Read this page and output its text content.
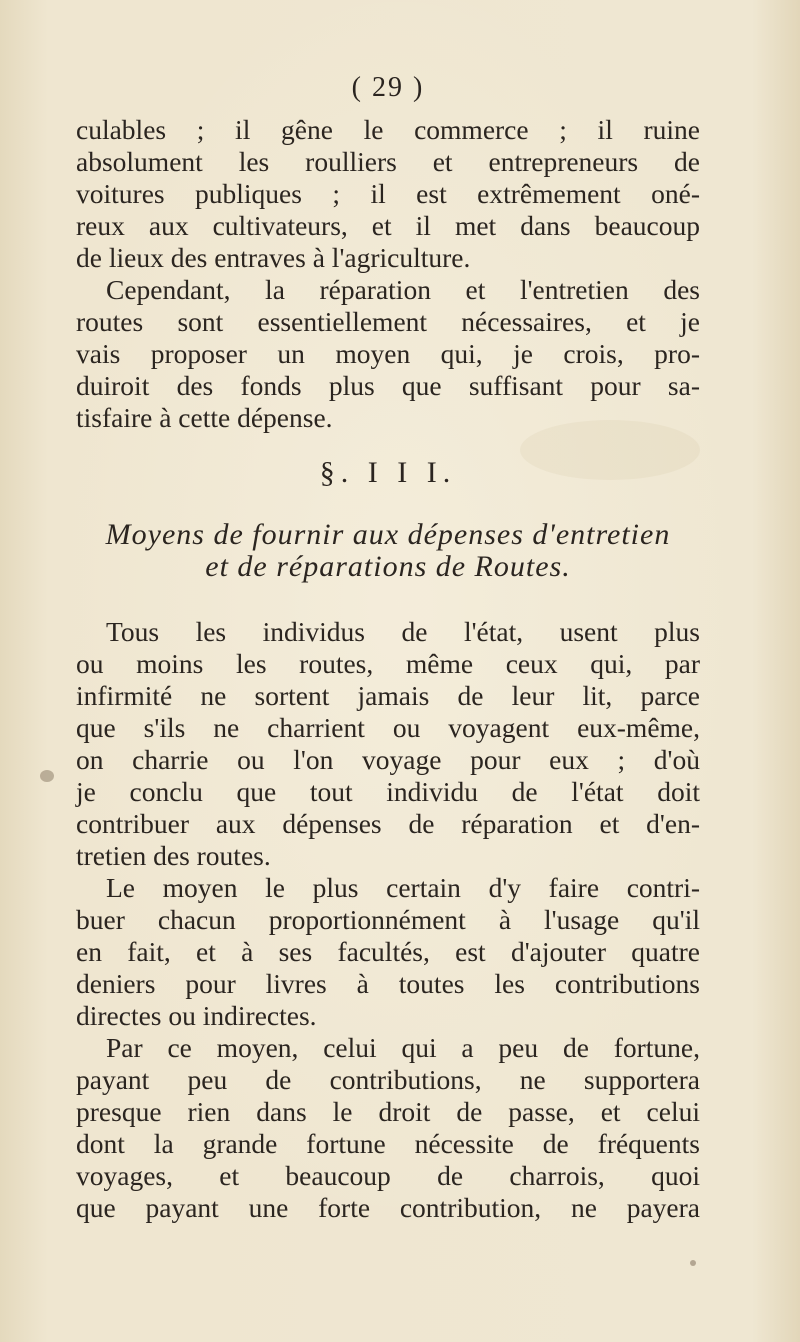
( 29 )

culables ; il gêne le commerce ; il ruine

absolument les roulliers et entrepreneurs de

voitures publiques ; il est extrêmement oné-

reux aux cultivateurs, et il met dans beaucoup

de lieux des entraves à l'agriculture.

Cependant, la réparation et l'entretien des

routes sont essentiellement nécessaires, et je

vais proposer un moyen qui, je crois, pro-

duiroit des fonds plus que suffisant pour sa-

tisfaire à cette dépense.

§. I I I.

Moyens de fournir aux dépenses d'entretien

et de réparations de Routes.

Tous les individus de l'état, usent plus

ou moins les routes, même ceux qui, par

infirmité ne sortent jamais de leur lit, parce

que s'ils ne charrient ou voyagent eux-même,

on charrie ou l'on voyage pour eux ; d'où

je conclu que tout individu de l'état doit

contribuer aux dépenses de réparation et d'en-

tretien des routes.

Le moyen le plus certain d'y faire contri-

buer chacun proportionnément à l'usage qu'il

en fait, et à ses facultés, est d'ajouter quatre

deniers pour livres à toutes les contributions

directes ou indirectes.

Par ce moyen, celui qui a peu de fortune,

payant peu de contributions, ne supportera

presque rien dans le droit de passe, et celui

dont la grande fortune nécessite de fréquents

voyages, et beaucoup de charrois, quoi

que payant une forte contribution, ne payera
